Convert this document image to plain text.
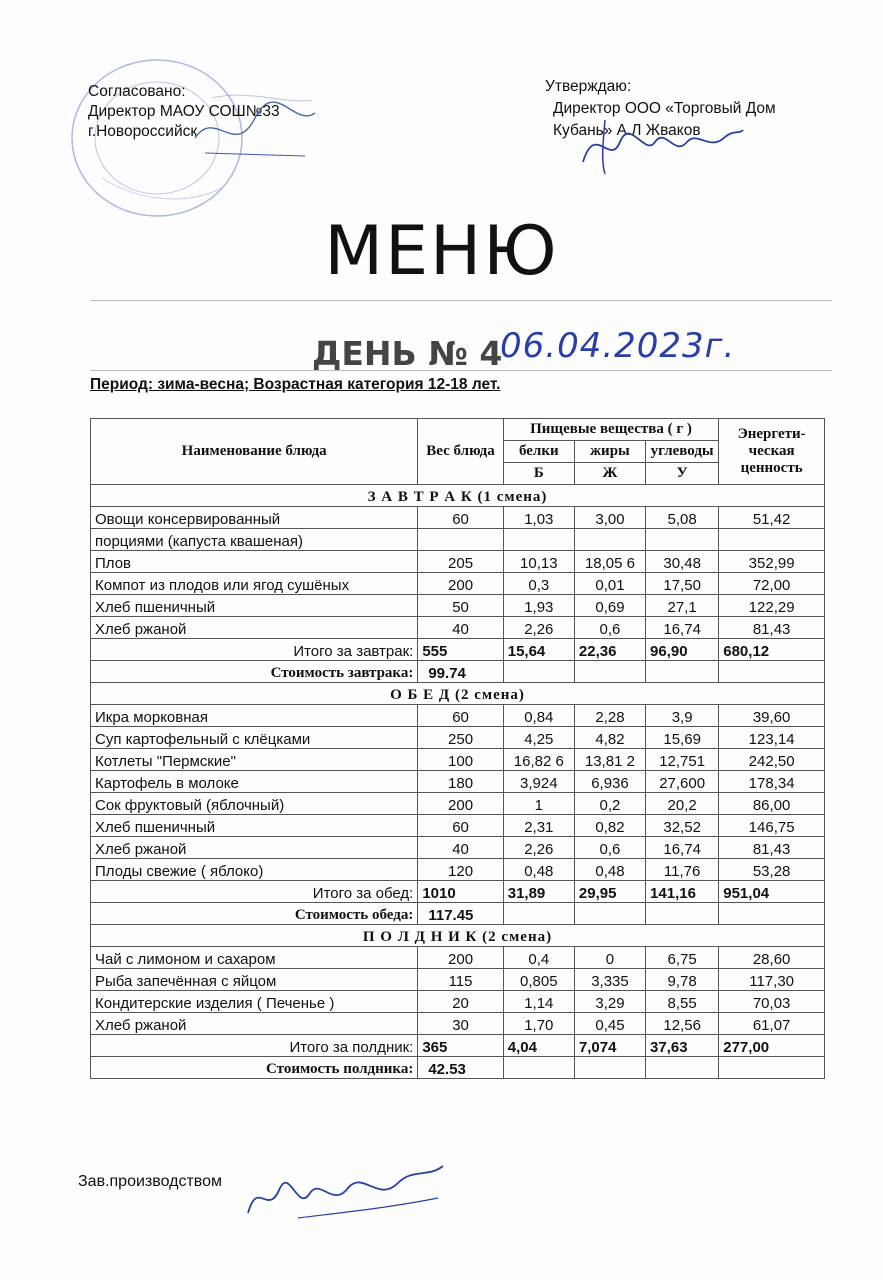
Согласовано:
Директор МАОУ СОШ№33
г.Новороссийск
Утверждаю:
Директор ООО «Торговый Дом
Кубань» А.Л Жваков
МЕНЮ
ДЕНЬ № 4
06.04.2023г.
Период: зима-весна; Возрастная категория 12-18 лет.
Наименование блюда	Вес блюда	Пищевые вещества ( г )			Энергети-ческая ценность
		белки	жиры	углеводы	
		Б	Ж	У	
З А В Т Р А К (1 смена)					
Овощи консервированный	60	1,03	3,00	5,08	51,42
порциями (капуста квашеная)					
Плов	205	10,13	18,05 6	30,48	352,99
Компот из плодов или ягод сушёных	200	0,3	0,01	17,50	72,00
Хлеб пшеничный	50	1,93	0,69	27,1	122,29
Хлеб ржаной	40	2,26	0,6	16,74	81,43
Итого за завтрак:	555	15,64	22,36	96,90	680,12
Стоимость завтрака:	99.74				
О Б Е Д (2 смена)					
Икра морковная	60	0,84	2,28	3,9	39,60
Суп картофельный с клёцками	250	4,25	4,82	15,69	123,14
Котлеты "Пермские"	100	16,82 6	13,81 2	12,751	242,50
Картофель в молоке	180	3,924	6,936	27,600	178,34
Сок фруктовый (яблочный)	200	1	0,2	20,2	86,00
Хлеб пшеничный	60	2,31	0,82	32,52	146,75
Хлеб ржаной	40	2,26	0,6	16,74	81,43
Плоды свежие ( яблоко)	120	0,48	0,48	11,76	53,28
Итого за обед:	1010	31,89	29,95	141,16	951,04
Стоимость обеда:	117.45				
П О Л Д Н И К (2 смена)					
Чай с лимоном и сахаром	200	0,4	0	6,75	28,60
Рыба запечённая с яйцом	115	0,805	3,335	9,78	117,30
Кондитерские изделия ( Печенье )	20	1,14	3,29	8,55	70,03
Хлеб ржаной	30	1,70	0,45	12,56	61,07
Итого за полдник:	365	4,04	7,074	37,63	277,00
Стоимость полдника:	42.53				
Зав.производством
